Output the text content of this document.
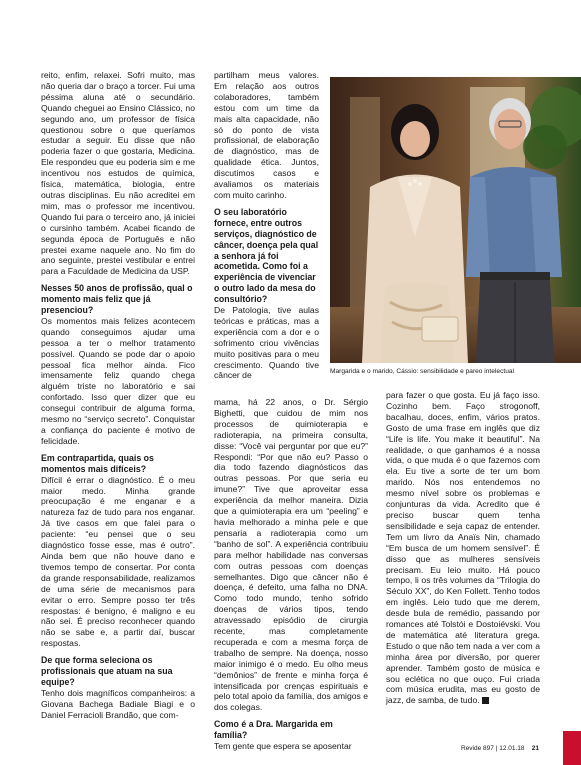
reito, enfim, relaxei. Sofri muito, mas não queria dar o braço a torcer. Fui uma péssima aluna até o secundário. Quando cheguei ao Ensino Clássico, no segundo ano, um professor de física questionou sobre o que queríamos estudar a seguir. Eu disse que não poderia fazer o que gostaria, Medicina. Ele respondeu que eu poderia sim e me incentivou nos estudos de química, física, matemática, biologia, entre outras disciplinas. Eu não acreditei em mim, mas o professor me incentivou. Quando fui para o terceiro ano, já iniciei o cursinho também. Acabei ficando de segunda época de Português e não prestei exame naquele ano. No fim do ano seguinte, prestei vestibular e entrei para a Faculdade de Medicina da USP.

Nesses 50 anos de profissão, qual o momento mais feliz que já presenciou?

Os momentos mais felizes acontecem quando conseguimos ajudar uma pessoa a ter o melhor tratamento possível. Quando se pode dar o apoio pessoal fica melhor ainda. Fico imensamente feliz quando chega alguém triste no laboratório e sai confortado. Isso quer dizer que eu consegui contribuir de alguma forma, mesmo no “serviço secreto”. Conquistar a confiança do paciente é motivo de felicidade.

Em contrapartida, quais os momentos mais difíceis?

Difícil é errar o diagnóstico. É o meu maior medo. Minha grande preocupação é me enganar e a natureza faz de tudo para nos enganar. Já tive casos em que falei para o paciente: “eu pensei que o seu diagnóstico fosse esse, mas é outro”. Ainda bem que não houve dano e tivemos tempo de consertar. Por conta da grande responsabilidade, realizamos de uma série de mecanismos para evitar o erro. Sempre posso ter três respostas: é benigno, é maligno e eu não sei. É preciso reconhecer quando não se sabe e, a partir daí, buscar respostas.

De que forma seleciona os profissionais que atuam na sua equipe?

Tenho dois magníficos companheiros: a Giovana Bachega Badiale Biagi e o Daniel Ferracioli Brandão, que com-

partilham meus valores. Em relação aos outros colaboradores, também estou com um time da mais alta capacidade, não só do ponto de vista profissional, de elaboração de diagnóstico, mas de qualidade ética. Juntos, discutimos casos e avaliamos os materiais com muito carinho.

O seu laboratório fornece, entre outros serviços, diagnóstico de câncer, doença pela qual a senhora já foi acometida. Como foi a experiência de vivenciar o outro lado da mesa do consultório?

De Patologia, tive aulas teóricas e práticas, mas a experiência com a dor e o sofrimento criou vivências muito positivas para o meu crescimento. Quando tive câncer de

mama, há 22 anos, o Dr. Sérgio Bighetti, que cuidou de mim nos processos de quimioterapia e radioterapia, na primeira consulta, disse: “Você vai perguntar por que eu?” Respondi: “Por que não eu? Passo o dia todo fazendo diagnósticos das outras pessoas. Por que seria eu imune?” Tive que aproveitar essa experiência da melhor maneira. Dizia que a quimioterapia era um “peeling” e havia melhorado a minha pele e que pensaria a radioterapia como um “banho de sol”. A experiência contribuiu para melhor habilidade nas conversas com outras pessoas com doenças semelhantes. Digo que câncer não é doença, é defeito, uma falha no DNA. Como todo mundo, tenho sofrido doenças de vários tipos, tendo atravessado episódio de cirurgia recente, mas completamente recuperada e com a mesma força de trabalho de sempre. Na doença, nosso maior inimigo é o medo. Eu olho meus “demônios” de frente e minha força é intensificada por crenças espirituais e pelo total apoio da família, dos amigos e dos colegas.

Como é a Dra. Margarida em família?

Tem gente que espera se aposentar

para fazer o que gosta. Eu já faço isso. Cozinho bem. Faço strogonoff, bacalhau, doces, enfim, vários pratos. Gosto de uma frase em inglês que diz “Life is life. You make it beautiful”. Na realidade, o que ganhamos é a nossa vida, o que muda é o que fazemos com ela. Eu tive a sorte de ter um bom marido. Nós nos entendemos no mesmo nível sobre os problemas e conjunturas da vida. Acredito que é preciso buscar quem tenha sensibilidade e seja capaz de entender. Tem um livro da Anaïs Nin, chamado “Em busca de um homem sensível”. É disso que as mulheres sensíveis precisam. Eu leio muito. Há pouco tempo, li os três volumes da “Trilogia do Século XX”, do Ken Follett. Tenho todos em inglês. Leio tudo que me derem, desde bula de remédio, passando por romances até Tolstói e Dostoiévski. Vou de matemática até literatura grega. Estudo o que não tem nada a ver com a minha área por diversão, por querer aprender. Também gosto de música e sou eclética no que ouço. Fui criada com música erudita, mas eu gosto de jazz, de samba, de tudo.

Margarida e o marido, Cássio: sensibilidade e pareo intelectual
Revide 897 | 12.01.18 21
